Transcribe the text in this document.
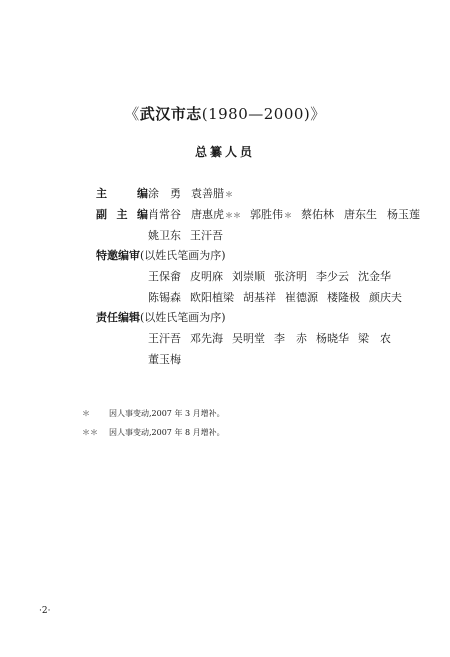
《武汉市志(1980—2000)》
总纂人员
主	编 涂　勇 袁善腊＊
副 主 编 肖常谷 唐惠虎＊＊ 郭胜伟＊ 蔡佑林 唐东生 杨玉莲
姚卫东 王汗吾
特邀编审 (以姓氏笔画为序)
王保畲 皮明庥 刘崇顺 张济明 李少云 沈金华
陈锡森 欧阳植梁 胡基祥 崔德源 楼隆极 颜庆夫
责任编辑 (以姓氏笔画为序)
王汗吾 邓先海 吴明堂 李　赤 杨晓华 梁　农
董玉梅
＊	因人事变动,2007 年 3 月增补。
＊＊	因人事变动,2007 年 8 月增补。
·2·
